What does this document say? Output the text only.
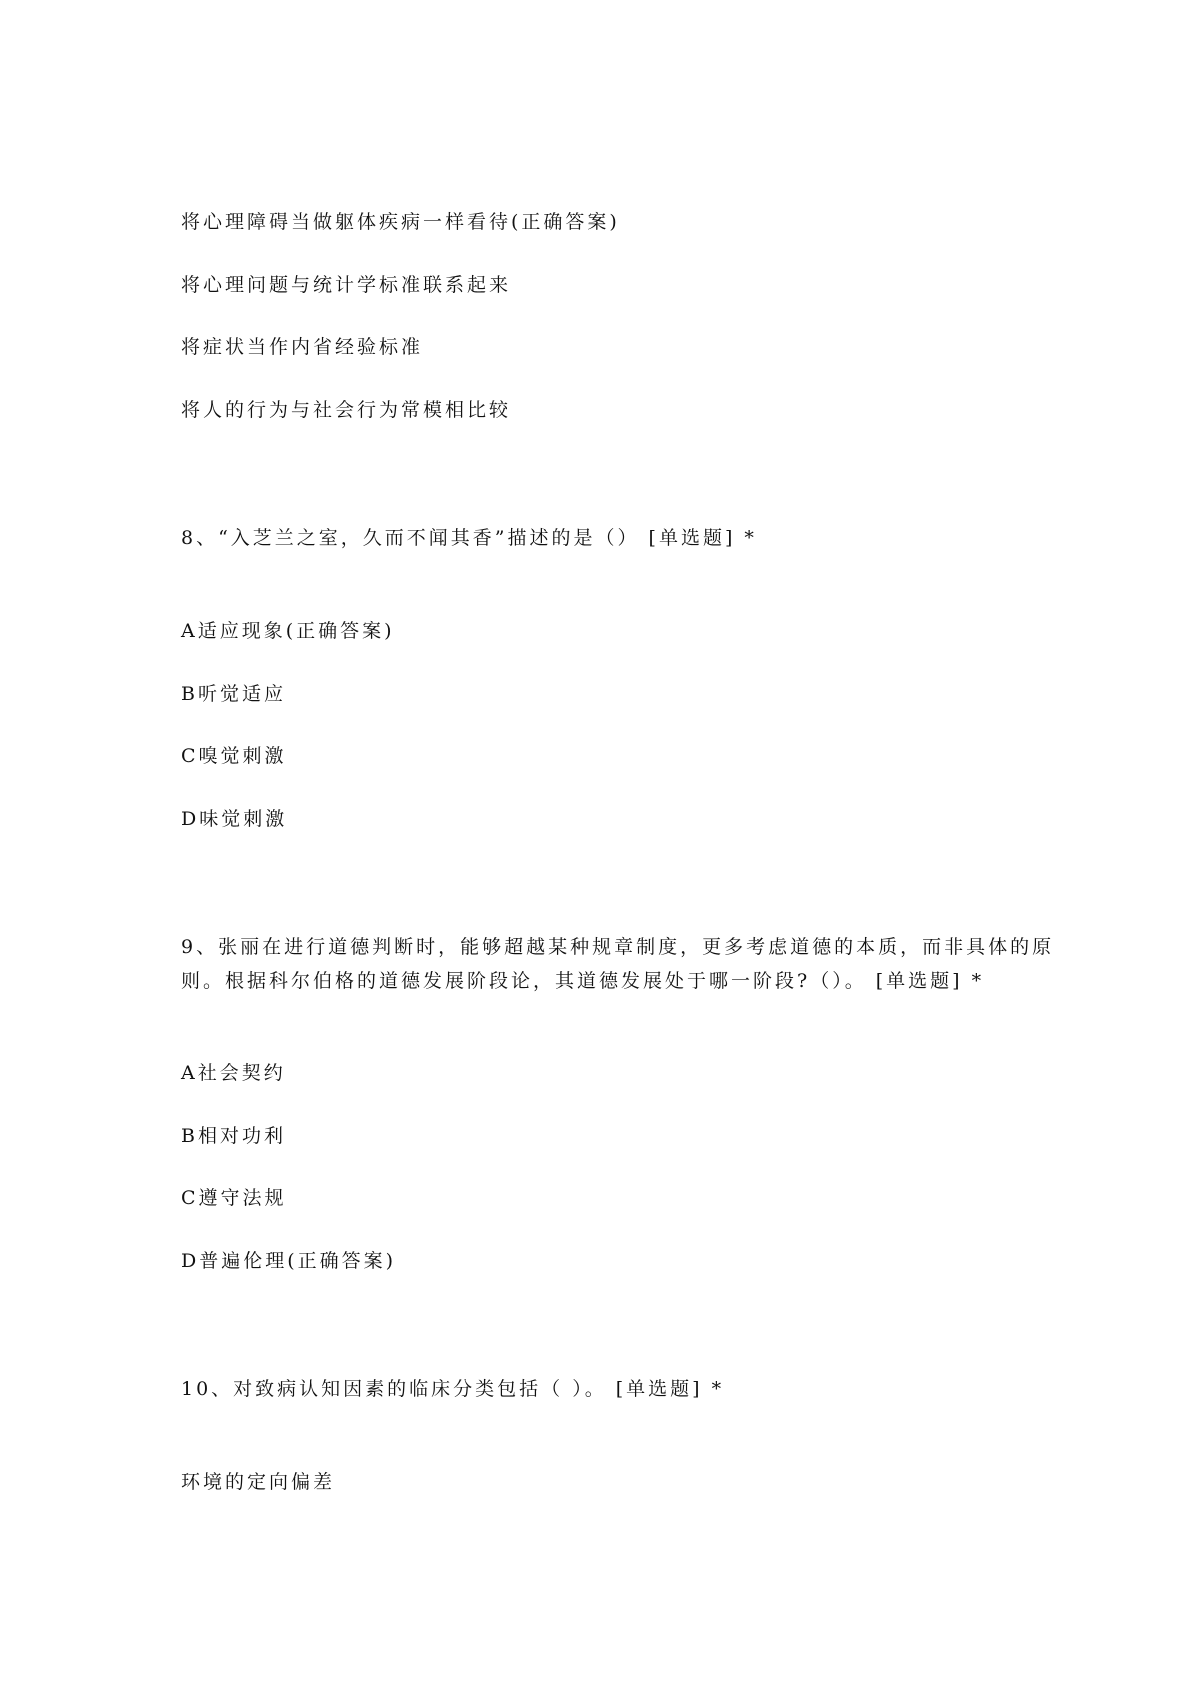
将心理障碍当做躯体疾病一样看待(正确答案)
将心理问题与统计学标准联系起来
将症状当作内省经验标准
将人的行为与社会行为常模相比较
8、“入芝兰之室，久而不闻其香”描述的是（） [单选题] *
A适应现象(正确答案)
B听觉适应
C嗅觉刺激
D味觉刺激
9、张丽在进行道德判断时，能够超越某种规章制度，更多考虑道德的本质，而非具体的原
则。根据科尔伯格的道德发展阶段论，其道德发展处于哪一阶段?（）。 [单选题] *
A社会契约
B相对功利
C遵守法规
D普遍伦理(正确答案)
10、对致病认知因素的临床分类包括（ ）。 [单选题] *
环境的定向偏差
